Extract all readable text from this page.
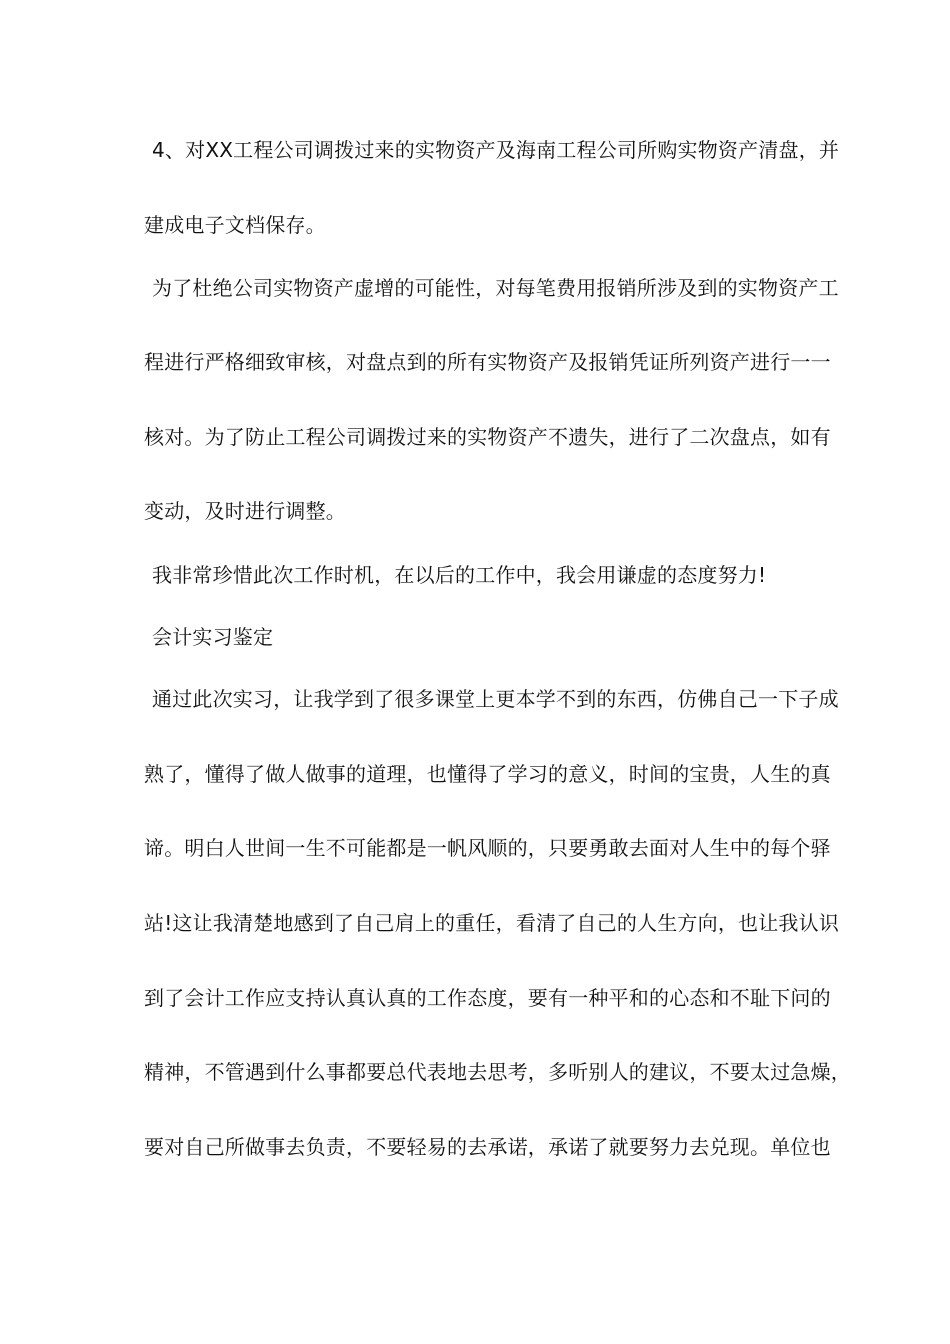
4、对XX工程公司调拨过来的实物资产及海南工程公司所购实物资产清盘，并
建成电子文档保存。
为了杜绝公司实物资产虚增的可能性，对每笔费用报销所涉及到的实物资产工
程进行严格细致审核，对盘点到的所有实物资产及报销凭证所列资产进行一一
核对。为了防止工程公司调拨过来的实物资产不遗失，进行了二次盘点，如有
变动，及时进行调整。
我非常珍惜此次工作时机，在以后的工作中，我会用谦虚的态度努力!
会计实习鉴定
通过此次实习，让我学到了很多课堂上更本学不到的东西，仿佛自己一下子成
熟了，懂得了做人做事的道理，也懂得了学习的意义，时间的宝贵，人生的真
谛。明白人世间一生不可能都是一帆风顺的，只要勇敢去面对人生中的每个驿
站!这让我清楚地感到了自己肩上的重任，看清了自己的人生方向，也让我认识
到了会计工作应支持认真认真的工作态度，要有一种平和的心态和不耻下问的
精神，不管遇到什么事都要总代表地去思考，多听别人的建议，不要太过急燥，
要对自己所做事去负责，不要轻易的去承诺，承诺了就要努力去兑现。单位也
